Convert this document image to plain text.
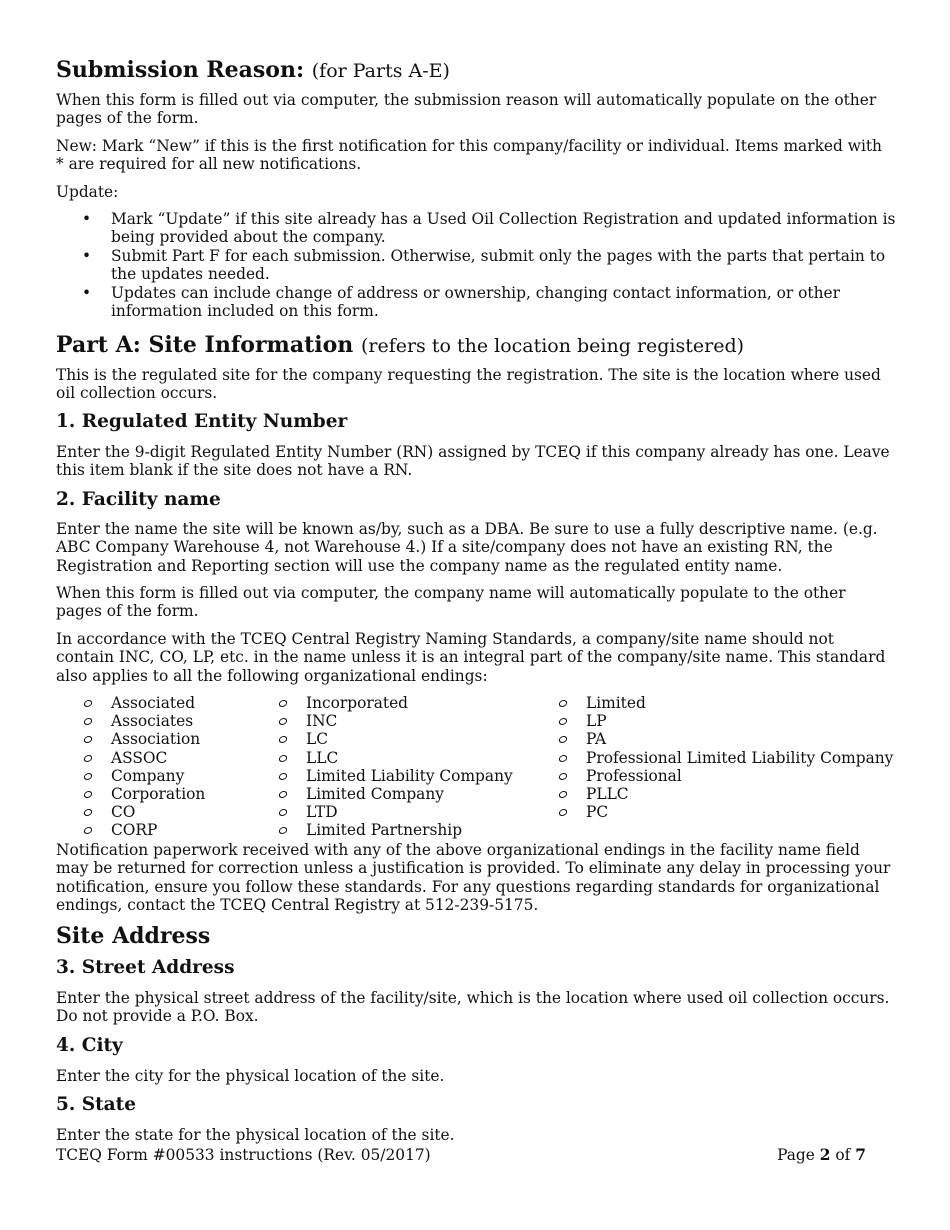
Submission Reason: (for Parts A-E)

When this form is filled out via computer, the submission reason will automatically populate on the other pages of the form.

New: Mark “New” if this is the first notification for this company/facility or individual. Items marked with * are required for all new notifications.

Update:

• Mark “Update” if this site already has a Used Oil Collection Registration and updated information is being provided about the company.
• Submit Part F for each submission. Otherwise, submit only the pages with the parts that pertain to the updates needed.
• Updates can include change of address or ownership, changing contact information, or other information included on this form.
Part A: Site Information (refers to the location being registered)

This is the regulated site for the company requesting the registration. The site is the location where used oil collection occurs.

1. Regulated Entity Number

Enter the 9-digit Regulated Entity Number (RN) assigned by TCEQ if this company already has one. Leave this item blank if the site does not have a RN.

2. Facility name

Enter the name the site will be known as/by, such as a DBA. Be sure to use a fully descriptive name. (e.g. ABC Company Warehouse 4, not Warehouse 4.) If a site/company does not have an existing RN, the Registration and Reporting section will use the company name as the regulated entity name.

When this form is filled out via computer, the company name will automatically populate to the other pages of the form.

In accordance with the TCEQ Central Registry Naming Standards, a company/site name should not contain INC, CO, LP, etc. in the name unless it is an integral part of the company/site name. This standard also applies to all the following organizational endings:

Associated
Associates
Association
ASSOC
Company
Corporation
CO
CORP
Incorporated
INC
LC
LLC
Limited Liability Company
Limited Company
LTD
Limited Partnership
Limited
LP
PA
Professional Limited Liability Company
Professional
PLLC
PC

Notification paperwork received with any of the above organizational endings in the facility name field may be returned for correction unless a justification is provided. To eliminate any delay in processing your notification, ensure you follow these standards. For any questions regarding standards for organizational endings, contact the TCEQ Central Registry at 512-239-5175.

Site Address
3. Street Address

Enter the physical street address of the facility/site, which is the location where used oil collection occurs. Do not provide a P.O. Box.

4. City

Enter the city for the physical location of the site.

5. State

Enter the state for the physical location of the site.

TCEQ Form #00533 instructions (Rev. 05/2017)	Page 2 of 7
